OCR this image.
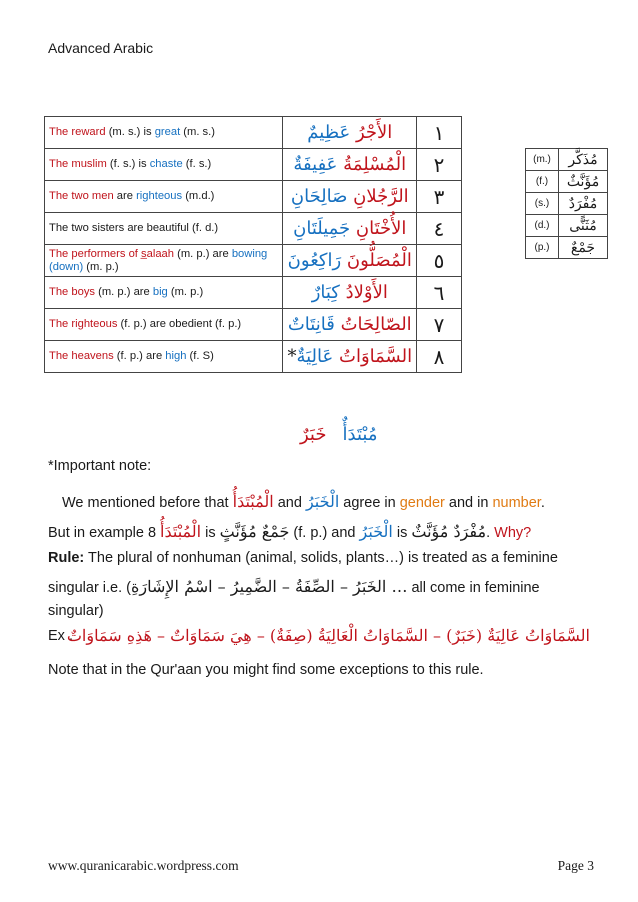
Advanced Arabic
The reward (m. s.) is great (m. s.)	الأَجْرُ عَظِيمٌ	١
The muslim (f. s.) is chaste (f. s.)	الْمُسْلِمَةُ عَفِيفَةٌ	٢
The two men are righteous (m.d.)	الرَّجُلانِ صَالِحَانِ	٣
The two sisters are beautiful (f. d.)	الأُخْتَانِ جَمِيلَتَانِ	٤
The performers of s̲alaah (m. p.) are bowing (down) (m. p.)	الْمُصَلُّونَ رَاكِعُونَ	٥
The boys (m. p.) are big (m. p.)	الأَوْلادُ كِبَارٌ	٦
The righteous (f. p.) are obedient (f. p.)	الصّالِحَاتُ قَانِتَاتٌ	٧
The heavens (f. p.) are high (f. S)	السَّمَاوَاتُ عَالِيَةٌ*	٨
(m.)	مُذَكَّر
(f.)	مُؤَنَّثٌ
(s.)	مُفْرَدٌ
(d.)	مُثَنًّى
(p.)	جَمْعٌ
مُبْتَدَأٌخَبَرٌ
*Important note:
We mentioned before that الْمُبْتَدَأُ and الْخَبَرُ agree in gender and in number.
But in example 8 الْمُبْتَدَأُ is جَمْعٌ مُؤَنَّثٍ (f. p.) and الْخَبَرُ is مُفْرَدٌ مُؤَنَّثٌ. Why?
Rule: The plural of nonhuman (animal, solids, plants…) is treated as a feminine
singular i.e. (… الخَبَرُ – الصِّفَةُ – الضَّمِيرُ – اسْمُ الإِشَارَةِ all come in feminine
singular)
Ex .
السَّمَاوَاتُ عَالِيَةٌ (خَبَرٌ) – السَّمَاوَاتُ الْعَالِيَةُ (صِفَةٌ) – هِيَ سَمَاوَاتٌ – هَذِهِ سَمَاوَاتٌ
Note that in the Qur'aan you might find some exceptions to this rule.
www.quranicarabic.wordpress.com	Page 3
